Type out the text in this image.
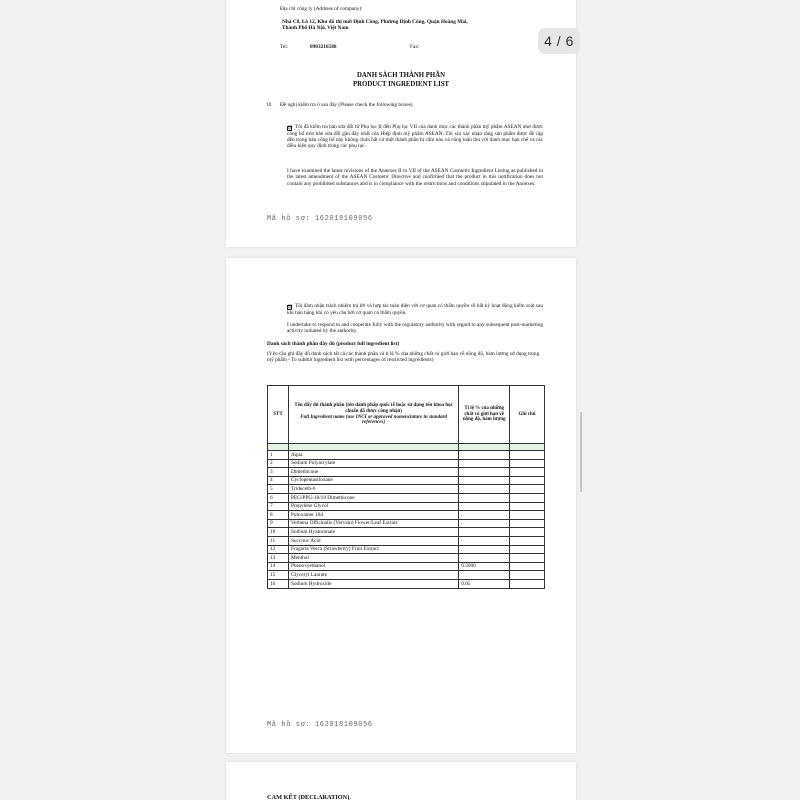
Địa chỉ công ty (Address of company):
Nhà C8, Lô 12, Khu đô thị mới Định Công, Phường Định Công, Quận Hoàng Mai,
Thành Phố Hà Nội, Việt Nam
Tel:	0903216588	Fax:
DANH SÁCH THÀNH PHẦN
PRODUCT INGREDIENT LIST
10. Đề nghị kiểm tra ô sau đây (Please check the following boxes)
☑ Tôi đã kiểm tra bản sửa đổi từ Phụ lục II đến Phụ lục VII của danh mục các thành phần mỹ phẩm ASEAN như được công bố trên bản sửa đổi gần đây nhất của Hiệp định mỹ phẩm ASEAN. Tôi xin xác nhận rằng sản phẩm được đề cập đến trong bản công bố này không chứa bất cứ một thành phần bị cấm nào và cũng tuân thủ với danh mục hạn chế và các điều kiện quy định trong các phụ lục.
I have examined the latest revisions of the Annexes II to VII of the ASEAN Cosmetic Ingredient Listing as published in the latest amendment of the ASEAN Cosmetic Directive and confirmed that the product in this notification does not contain any prohibited substances and is in compliance with the restrictions and conditions stipulated in the Annexes.
Mã hồ sơ: 162018109056
☑ Tôi đảm nhận trách nhiệm trả lời và hợp tác toàn diện với cơ quan có thẩm quyền về bất kỳ hoạt động kiểm soát sau khi bán hàng khi có yêu cầu bởi cơ quan có thẩm quyền.
I undertake to respond to and cooperate fully with the regulatory authority with regard to any subsequent post-marketing activity initiated by the authority.
Danh sách thành phần đầy đủ (product full ingredient list)
(Yêu cầu ghi đầy đủ danh sách tất cả các thành phần và tỉ lệ % của những chất có giới hạn về nồng độ, hàm lượng sử dụng trong mỹ phẩm - To submit ingredient list with percentages of restricted ingredients)
STT	Tên đầy đủ thành phần (tên danh pháp quốc tế hoặc sử dụng tên khoa học chuẩn đã được công nhận)
Full Ingredient name (use INCI or approved nomenclature in standard references)	Tỉ lệ % của những chất có giới hạn về nồng độ, hàm lượng	Ghi chú

1	Aqua		
2	Sodium Polyacrylate		
3	Dimethicone		
4	Cyclopentasiloxane		
5	Trideceth-6		
6	PEG/PPG-18/18 Dimethicone		
7	Propylene Glycol		
8	Poloxamer 184		
9	Verbena Officinalis (Vervain) Flower/Leaf Extract		
10	Sodium Hyaluronate		
11	Succinic Acid		
12	Fragaria Vesca (Strawberry) Fruit Extract		
13	Menthol		
14	Phenoxyethanol	0.5000	
15	Glyceryl Laurate		
16	Sodium Hydroxide	0.05	
Mã hồ sơ: 162018109056
CAM KẾT (DECLARATION)
4 / 6
